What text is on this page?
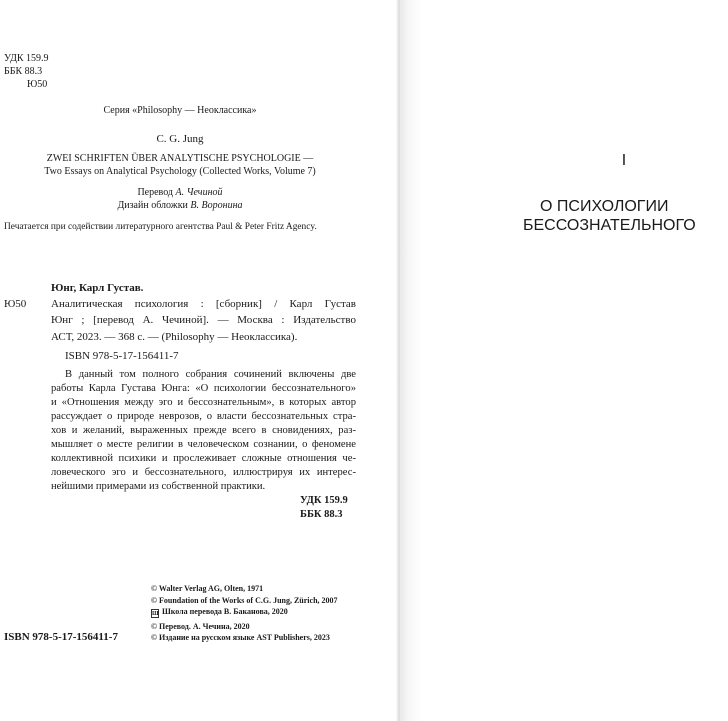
УДК 159.9
ББК 88.3
Ю50
Серия «Philosophy — Неоклассика»
C. G. Jung
ZWEI SCHRIFTEN ÜBER ANALYTISCHE PSYCHOLOGIE —
Two Essays on Analytical Psychology (Collected Works, Volume 7)
Перевод А. Чечиной
Дизайн обложки В. Воронина
Печатается при содействии литературного агентства Paul & Peter Fritz Agency.
Юнг, Карл Густав.
Ю50 Аналитическая психология : [сборник] / Карл Густав
Юнг ; [перевод А. Чечиной]. — Москва : Издательство
АСТ, 2023. — 368 с. — (Philosophy — Неоклассика).
ISBN 978-5-17-156411-7
В данный том полного собрания сочинений включены две
работы Карла Густава Юнга: «О психологии бессознательного»
и «Отношения между эго и бессознательным», в которых автор
рассуждает о природе неврозов, о власти бессознательных стра-
хов и желаний, выраженных прежде всего в сновидениях, раз-
мышляет о месте религии в человеческом сознании, о феномене
коллективной психики и прослеживает сложные отношения че-
ловеческого эго и бессознательного, иллюстрируя их интерес-
нейшими примерами из собственной практики.
УДК 159.9
ББК 88.3
© Walter Verlag AG, Olten, 1971
© Foundation of the Works of C.G. Jung, Zürich, 2007
Ш Школа перевода В. Баканова, 2020
© Перевод. А. Чечина, 2020
© Издание на русском языке AST Publishers, 2023
ISBN 978-5-17-156411-7
I
О ПСИХОЛОГИИ
БЕССОЗНАТЕЛЬНОГО
